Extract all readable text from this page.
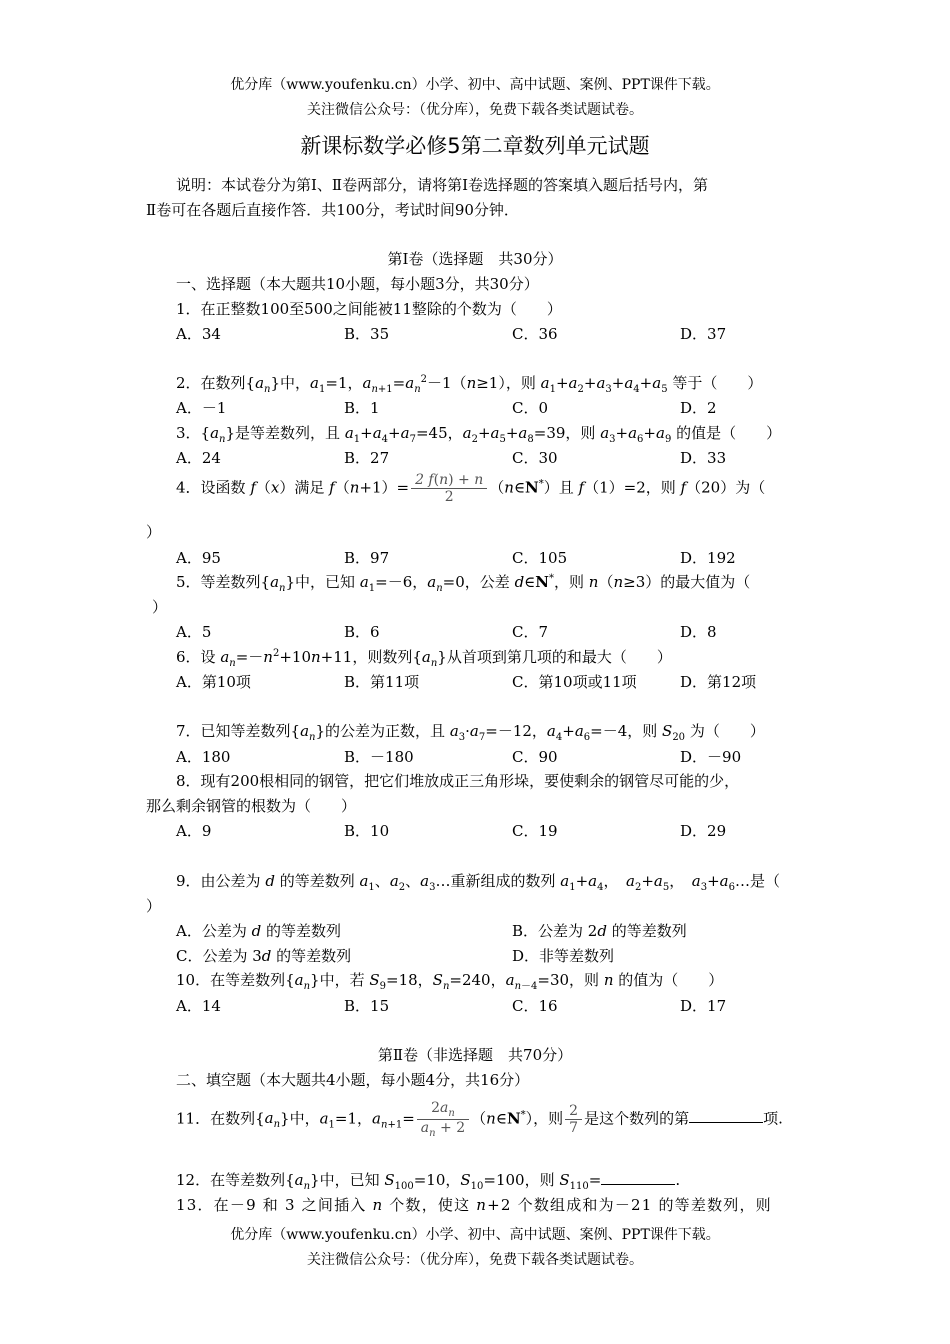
优分库（www.youfenku.cn）小学、初中、高中试题、案例、PPT课件下载。
关注微信公众号：（优分库），免费下载各类试题试卷。
新课标数学必修5第二章数列单元试题
说明：本试卷分为第Ⅰ、Ⅱ卷两部分，请将第Ⅰ卷选择题的答案填入题后括号内，第
Ⅱ卷可在各题后直接作答．共100分，考试时间90分钟．
第Ⅰ卷（选择题　共30分）
一、选择题（本大题共10小题，每小题3分，共30分）
1．在正整数100至500之间能被11整除的个数为（　　）
A．34	B．35	C．36	D．37
2．在数列$\{a_n\}$中，$a_1=1$，$a_{n+1}=a_n^2-1(n\ge 1)$，则 $a_1+a_2+a_3+a_4+a_5$ 等于（　　）
A．－1	B．1	C．0	D．2
3．$\{a_n\}$是等差数列，且 $a_1+a_4+a_7=45$，$a_2+a_5+a_8=39$，则 $a_3+a_6+a_9$ 的值是（　　）
A．24	B．27	C．30	D．33
4．设函数 f（x）满足 $f(n+1)= \frac{2 f(n) + n}{2}$ （n∈N*）且 f（1）=2，则 f（20）为（
）
A．95	B．97	C．105	D．192
5．等差数列$\{a_n\}$中，已知 $a_1=-6$，$a_n=0$，公差 d∈N*，则 n（n≥3）的最大值为（
）
A．5	B．6	C．7	D．8
6．设 $a_n=-n^2+10n+11$，则数列$\{a_n\}$从首项到第几项的和最大（　　）
A．第10项	B．第11项	C．第10项或11项	D．第12项
7．已知等差数列$\{a_n\}$的公差为正数，且 $a_3\cdot a_7=-12$，$a_4+a_6=-4$，则 $S_{20}$ 为（　　）
A．180	B．－180	C．90	D．－90
8．现有200根相同的钢管，把它们堆放成正三角形垛，要使剩余的钢管尽可能的少，
那么剩余钢管的根数为（　　）
A．9	B．10	C．19	D．29
9．由公差为 d 的等差数列 $a_1$、$a_2$、$a_3\dots$重新组成的数列 $a_1+a_4$，　$a_2+a_5$，　$a_3+a_6\dots$是（
）
A．公差为 d 的等差数列	B．公差为 2d 的等差数列
C．公差为 3d 的等差数列	D．非等差数列
10．在等差数列$\{a_n\}$中，若 $S_9=18$，$S_n=240$，$a_{n-4}=30$，则 n 的值为（　　）
A．14	B．15	C．16	D．17
第Ⅱ卷（非选择题　共70分）
二、填空题（本大题共4小题，每小题4分，共16分）
11．在数列$\{a_n\}$中，$a_1=1$，$a_{n+1}= \frac{2a_n}{a_n + 2}$ （n∈N*），则 $\frac{2}{7}$ 是这个数列的第	项.
12．在等差数列$\{a_n\}$中，已知 $S_{100}=10$，$S_{10}=100$，则 $S_{110}=$	.
13．在－9 和 3 之间插入 n 个数，使这 n+2 个数组成和为－21 的等差数列，则
优分库（www.youfenku.cn）小学、初中、高中试题、案例、PPT课件下载。
关注微信公众号：（优分库），免费下载各类试题试卷。
